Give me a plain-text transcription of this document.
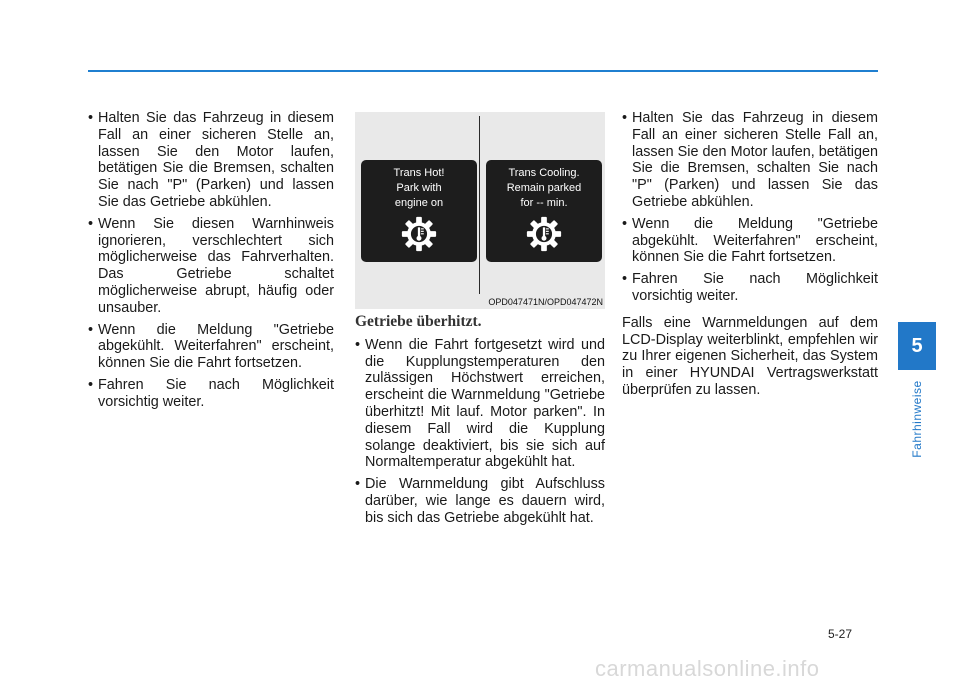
• Halten Sie das Fahrzeug in diesem Fall an einer sicheren Stelle an, lassen Sie den Motor laufen, betätigen Sie die Bremsen, schalten Sie nach "P" (Parken) und lassen Sie das Getriebe abkühlen.
• Wenn Sie diesen Warnhinweis ignorieren, verschlechtert sich möglicherweise das Fahrverhalten. Das Getriebe schaltet möglicherweise abrupt, häufig oder unsauber.
• Wenn die Meldung "Getriebe abgekühlt. Weiterfahren" erscheint, können Sie die Fahrt fortsetzen.
• Fahren Sie nach Möglichkeit vorsichtig weiter.
Trans Hot!
Park with
engine on
Trans Cooling.
Remain parked
for -- min.
OPD047471N/OPD047472N
Getriebe überhitzt.
• Wenn die Fahrt fortgesetzt wird und die Kupplungstemperaturen den zulässigen Höchstwert erreichen, erscheint die Warnmeldung "Getriebe überhitzt! Mit lauf. Motor parken". In diesem Fall wird die Kupplung solange deaktiviert, bis sie sich auf Normaltemperatur abgekühlt hat.
• Die Warnmeldung gibt Aufschluss darüber, wie lange es dauern wird, bis sich das Getriebe abgekühlt hat.
• Halten Sie das Fahrzeug in diesem Fall an einer sicheren Stelle Fall an, lassen Sie den Motor laufen, betätigen Sie die Bremsen, schalten Sie nach "P" (Parken) und lassen Sie das Getriebe abkühlen.
• Wenn die Meldung "Getriebe abgekühlt. Weiterfahren" erscheint, können Sie die Fahrt fortsetzen.
• Fahren Sie nach Möglichkeit vorsichtig weiter.
Falls eine Warnmeldungen auf dem LCD-Display weiterblinkt, empfehlen wir zu Ihrer eigenen Sicherheit, das System in einer HYUNDAI Vertragswerkstatt überprüfen zu lassen.
5
Fahrhinweise
5-27
carmanualsonline.info
